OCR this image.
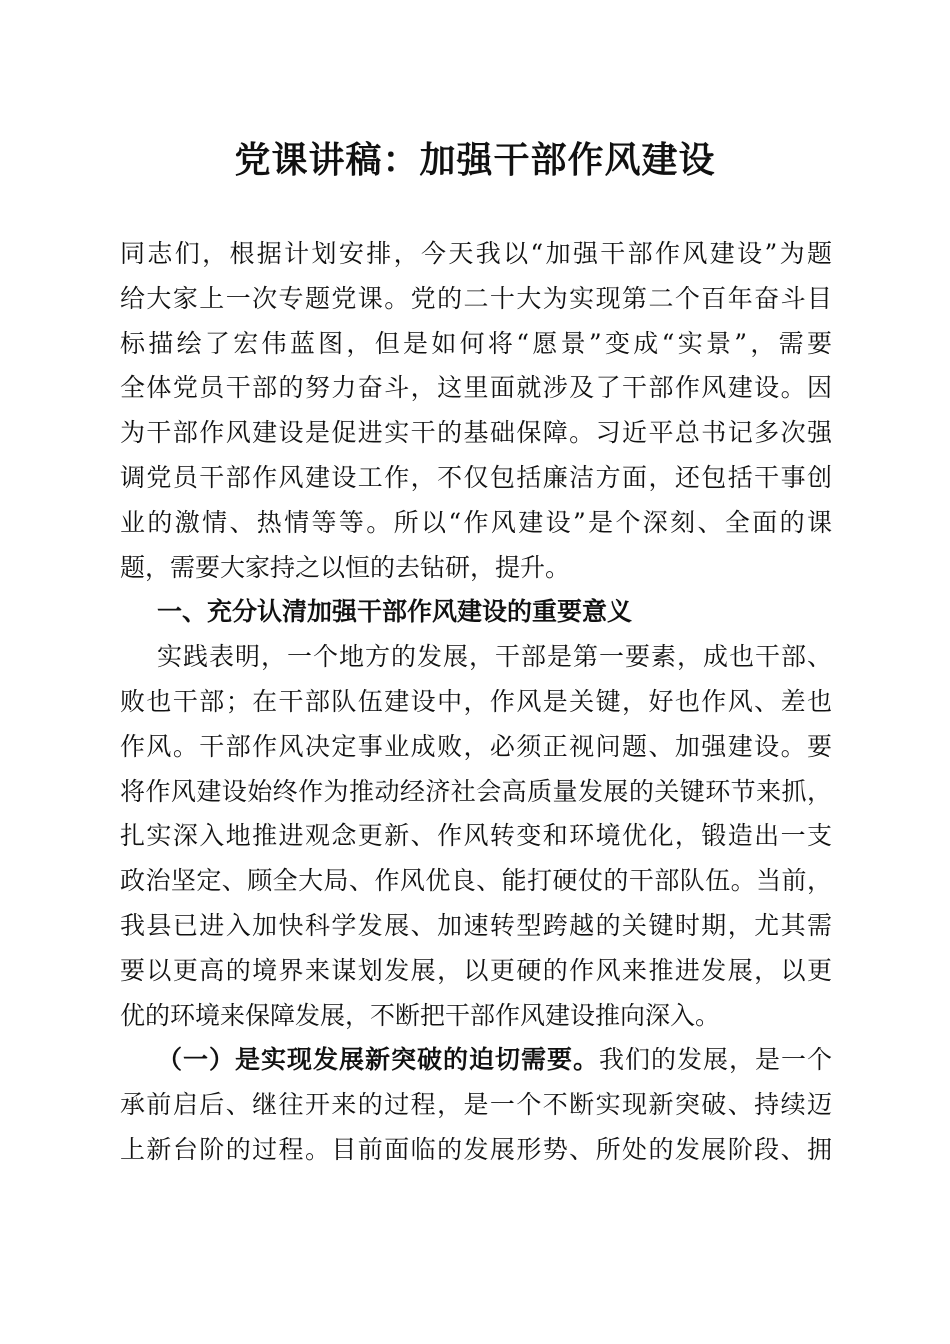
党课讲稿：加强干部作风建设
同志们，根据计划安排，今天我以“加强干部作风建设”为题
给大家上一次专题党课。党的二十大为实现第二个百年奋斗目
标描绘了宏伟蓝图，但是如何将“愿景”变成“实景”，需要
全体党员干部的努力奋斗，这里面就涉及了干部作风建设。因
为干部作风建设是促进实干的基础保障。习近平总书记多次强
调党员干部作风建设工作，不仅包括廉洁方面，还包括干事创
业的激情、热情等等。所以“作风建设”是个深刻、全面的课
题，需要大家持之以恒的去钻研，提升。
一、充分认清加强干部作风建设的重要意义
实践表明，一个地方的发展，干部是第一要素，成也干部、
败也干部；在干部队伍建设中，作风是关键，好也作风、差也
作风。干部作风决定事业成败，必须正视问题、加强建设。要
将作风建设始终作为推动经济社会高质量发展的关键环节来抓，
扎实深入地推进观念更新、作风转变和环境优化，锻造出一支
政治坚定、顾全大局、作风优良、能打硬仗的干部队伍。当前，
我县已进入加快科学发展、加速转型跨越的关键时期，尤其需
要以更高的境界来谋划发展，以更硬的作风来推进发展，以更
优的环境来保障发展，不断把干部作风建设推向深入。
（一）是实现发展新突破的迫切需要。我们的发展，是一个
承前启后、继往开来的过程，是一个不断实现新突破、持续迈
上新台阶的过程。目前面临的发展形势、所处的发展阶段、拥
